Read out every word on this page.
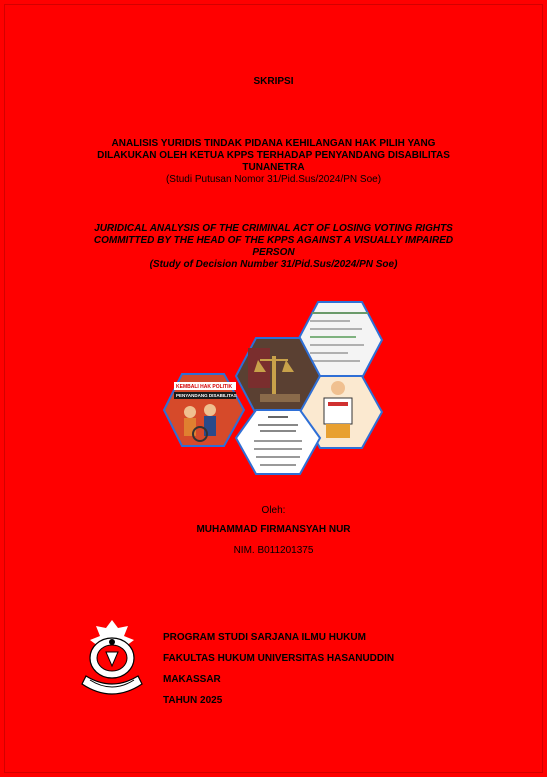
SKRIPSI
ANALISIS YURIDIS TINDAK PIDANA KEHILANGAN HAK PILIH YANG
DILAKUKAN OLEH KETUA KPPS TERHADAP PENYANDANG DISABILITAS
TUNANETRA
(Studi Putusan Nomor 31/Pid.Sus/2024/PN Soe)
JURIDICAL ANALYSIS OF THE CRIMINAL ACT OF LOSING VOTING RIGHTS
COMMITTED BY THE HEAD OF THE KPPS AGAINST A VISUALLY IMPAIRED
PERSON
(Study of Decision Number 31/Pid.Sus/2024/PN Soe)
KEMBALI HAK POLITIK
PENYANDANG DISABILITAS
Oleh:
MUHAMMAD FIRMANSYAH NUR
NIM. B011201375
PROGRAM STUDI SARJANA ILMU HUKUM
FAKULTAS HUKUM UNIVERSITAS HASANUDDIN
MAKASSAR
TAHUN 2025
